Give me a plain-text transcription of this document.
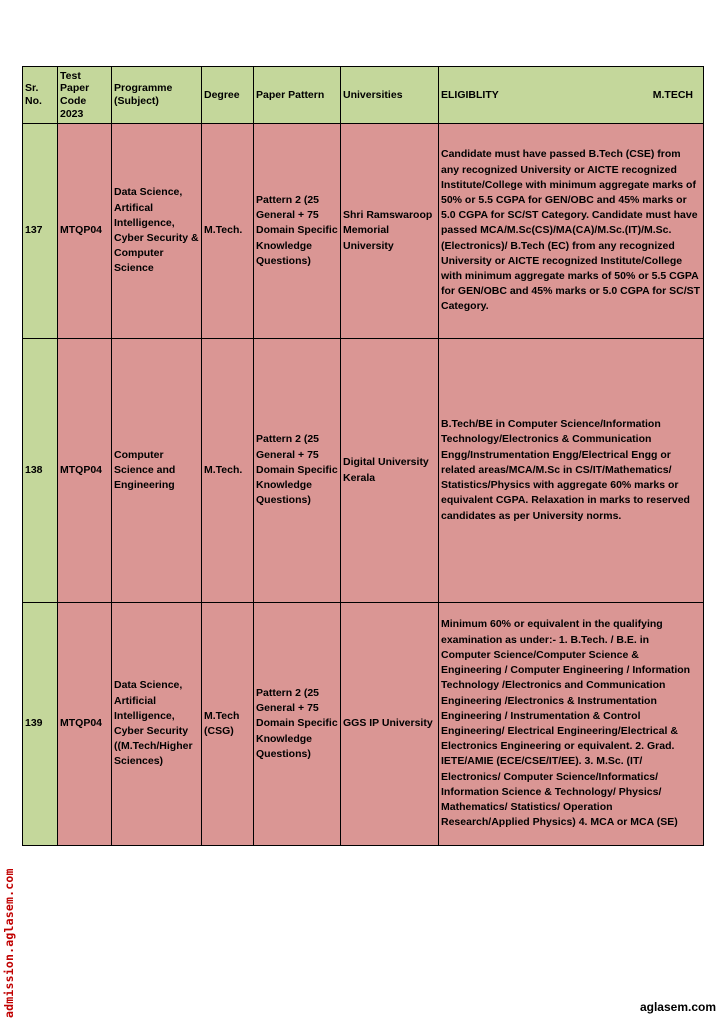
Sr. No.	Test Paper Code 2023	Programme (Subject)	Degree	Paper Pattern	Universities	ELIGIBLITY M.TECH

137	MTQP04	Data Science, Artifical Intelligence, Cyber Security & Computer Science	M.Tech.	Pattern 2 (25 General + 75 Domain Specific Knowledge Questions)	Shri Ramswaroop Memorial University	Candidate must have passed B.Tech (CSE) from any recognized University or AICTE recognized Institute/College with minimum aggregate marks of 50% or 5.5 CGPA for GEN/OBC and 45% marks or 5.0 CGPA for SC/ST Category. Candidate must have passed MCA/M.Sc(CS)/MA(CA)/M.Sc.(IT)/M.Sc.(Electronics)/ B.Tech (EC) from any recognized University or AICTE recognized Institute/College with minimum aggregate marks of 50% or 5.5 CGPA for GEN/OBC and 45% marks or 5.0 CGPA for SC/ST Category.
138	MTQP04	Computer Science and Engineering	M.Tech.	Pattern 2 (25 General + 75 Domain Specific Knowledge Questions)	Digital University Kerala	B.Tech/BE in Computer Science/Information Technology/Electronics & Communication Engg/Instrumentation Engg/Electrical Engg or related areas/MCA/M.Sc in CS/IT/Mathematics/ Statistics/Physics with aggregate 60% marks or equivalent CGPA. Relaxation in marks to reserved candidates as per University norms.
139	MTQP04	Data Science, Artificial Intelligence, Cyber Security ((M.Tech/Higher Sciences)	M.Tech (CSG)	Pattern 2 (25 General + 75 Domain Specific Knowledge Questions)	GGS IP University	Minimum 60% or equivalent in the qualifying examination as under:- 1. B.Tech. / B.E. in Computer Science/Computer Science & Engineering / Computer Engineering / Information Technology /Electronics and Communication Engineering /Electronics & Instrumentation Engineering / Instrumentation & Control Engineering/ Electrical Engineering/Electrical & Electronics Engineering or equivalent. 2. Grad. IETE/AMIE (ECE/CSE/IT/EE). 3. M.Sc. (IT/ Electronics/ Computer Science/Informatics/ Information Science & Technology/ Physics/ Mathematics/ Statistics/ Operation Research/Applied Physics) 4. MCA or MCA (SE)
admission.aglasem.com	aglasem.com
